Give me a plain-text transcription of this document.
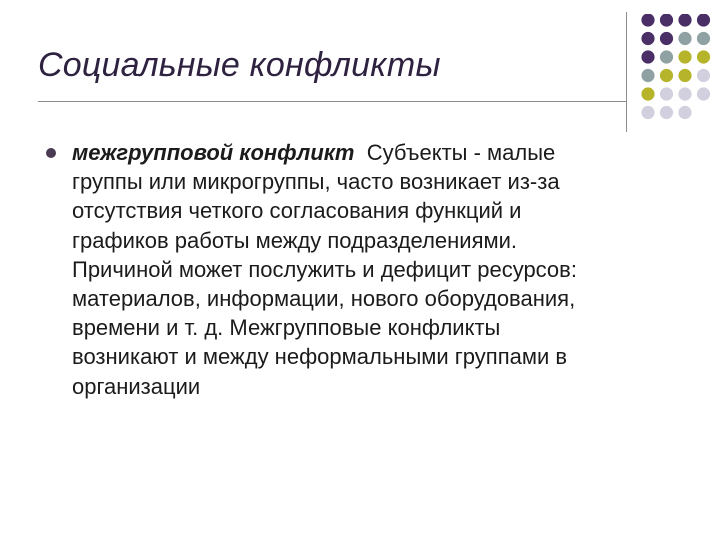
Социальные конфликты
межгрупповой конфликт Субъекты - малые
группы или микрогруппы, часто возникает из-за
отсутствия четкого согласования функций и
графиков работы между подразделениями.
Причиной может послужить и дефицит ресурсов:
материалов, информации, нового оборудования,
времени и т. д. Межгрупповые конфликты
возникают и между неформальными группами в
организации
